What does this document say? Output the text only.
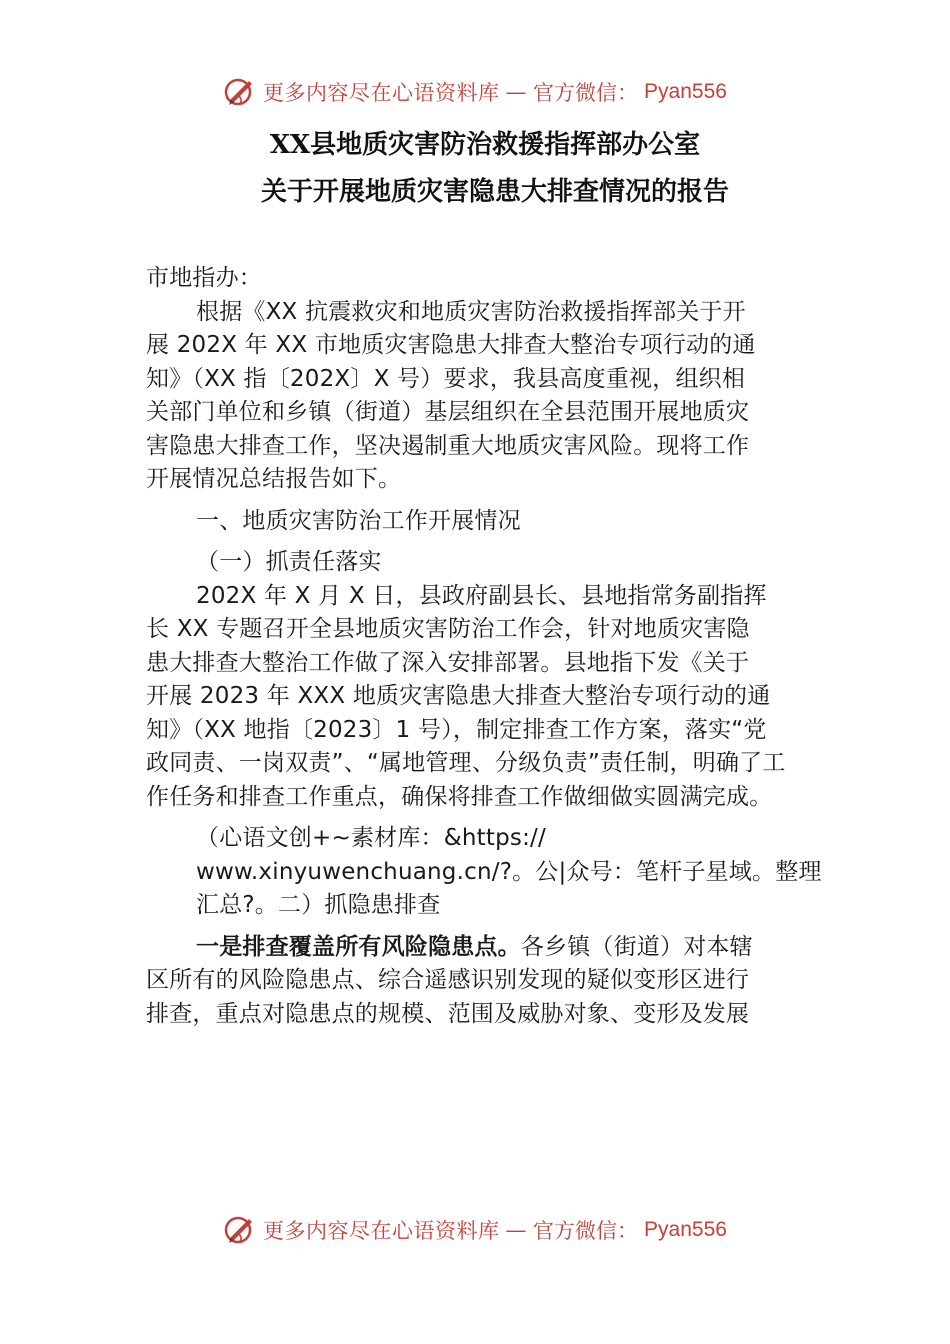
更多内容尽在心语资料库 — 官方微信： Pyan556
XX县地质灾害防治救援指挥部办公室
关于开展地质灾害隐患大排查情况的报告
市地指办：
根据《XX 抗震救灾和地质灾害防治救援指挥部关于开
展 202X 年 XX 市地质灾害隐患大排查大整治专项行动的通
知》（XX 指〔202X〕X 号）要求，我县高度重视，组织相
关部门单位和乡镇（街道）基层组织在全县范围开展地质灾
害隐患大排查工作，坚决遏制重大地质灾害风险。现将工作
开展情况总结报告如下。
一、地质灾害防治工作开展情况
（一）抓责任落实
202X 年 X 月 X 日，县政府副县长、县地指常务副指挥
长 XX 专题召开全县地质灾害防治工作会，针对地质灾害隐
患大排查大整治工作做了深入安排部署。县地指下发《关于
开展 2023 年 XXX 地质灾害隐患大排查大整治专项行动的通
知》（XX 地指〔2023〕1 号），制定排查工作方案，落实“党
政同责、一岗双责”、“属地管理、分级负责”责任制，明确了工
作任务和排查工作重点，确保将排查工作做细做实圆满完成。
（心语文创+~素材库：&https://
www.xinyuwenchuang.cn/?。公|众号：笔杆子星域。整理
汇总?。二）抓隐患排查
一是排查覆盖所有风险隐患点。各乡镇（街道）对本辖
区所有的风险隐患点、综合遥感识别发现的疑似变形区进行
排查，重点对隐患点的规模、范围及威胁对象、变形及发展
更多内容尽在心语资料库 — 官方微信： Pyan556
